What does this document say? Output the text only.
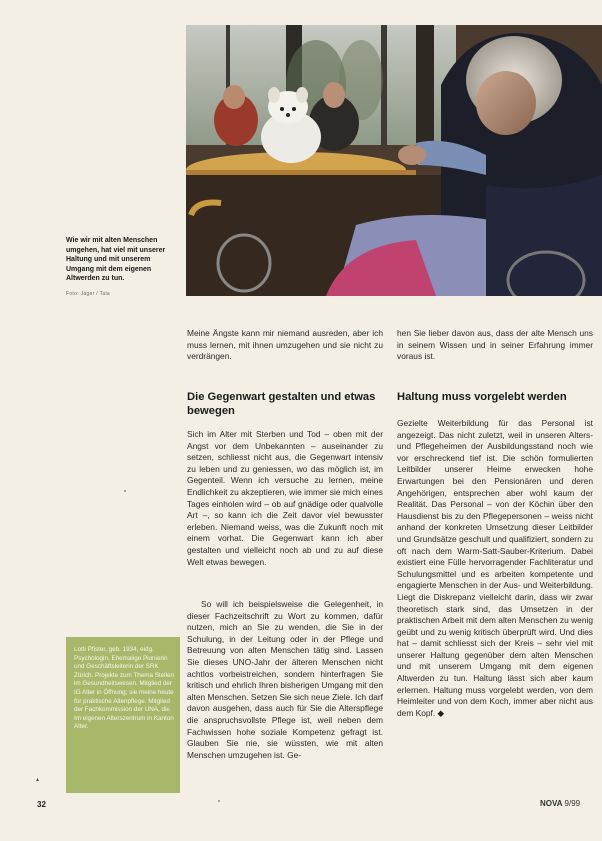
Wie wir mit alten Menschen umgehen, hat viel mit unserer Haltung und mit unserem Umgang mit dem eigenen Altwerden zu tun.

Foto: Jäger / Tala

Meine Ängste kann mir niemand ausreden, aber ich muss lernen, mit ihnen umzugehen und sie nicht zu verdrängen.

hen Sie lieber davon aus, dass der alte Mensch uns in seinem Wissen und in seiner Erfahrung immer voraus ist.

Die Gegenwart gestalten und etwas bewegen

Sich im Alter mit Sterben und Tod – oben mit der Angst vor dem Unbekannten – auseinander zu setzen, schliesst nicht aus, die Gegenwart intensiv zu leben und zu geniessen, wo das möglich ist, im Gegenteil. Wenn ich versuche zu lernen, meine Endlichkeit zu akzeptieren, wie immer sie mich eines Tages einholen wird – ob auf gnädige oder qualvolle Art –, so kann ich die Zeit davor viel bewusster erleben. Niemand weiss, was die Zukunft noch mit einem vorhat. Die Gegenwart kann ich aber gestalten und vielleicht noch ab und zu auf diese Welt etwas bewegen.

So will ich beispielsweise die Gelegenheit, in dieser Fachzeitschrift zu Wort zu kommen, dafür nutzen, mich an Sie zu wenden, die Sie in der Schulung, in der Leitung oder in der Pflege und Betreuung von alten Menschen tätig sind. Lassen Sie dieses UNO-Jahr der älteren Menschen nicht achtlos vorbeistreichen, sondern hinterfragen Sie kritisch und ehrlich Ihren bisherigen Umgang mit den alten Menschen. Setzen Sie sich neue Ziele. Ich darf davon ausgehen, dass auch für Sie die Alterspflege die anspruchsvollste Pflege ist, weil neben dem Fachwissen hohe soziale Kompetenz gefragt ist. Glauben Sie nie, sie wüssten, wie mit alten Menschen umzugehen ist. Ge-

Haltung muss vorgelebt werden

Gezielte Weiterbildung für das Personal ist angezeigt. Das nicht zuletzt, weil in unseren Alters- und Pflegeheimen der Ausbildungsstand noch wie vor erschreckend tief ist. Die schön formulierten Leitbilder unserer Heime erwecken hohe Erwartungen bei den Pensionären und deren Angehörigen, entsprechen aber wohl kaum der Realität. Das Personal – von der Köchin über den Hausdienst bis zu den Pflegepersonen – weiss nicht anhand der konkreten Umsetzung dieser Leitbilder und Grundsätze geschult und qualifiziert, sondern zu oft nach dem Warm-Satt-Sauber-Kriterium. Dabei existiert eine Fülle hervorragender Fachliteratur und Schulungsmittel und es arbeiten kompetente und engagierte Menschen in der Aus- und Weiterbildung. Liegt die Diskrepanz vielleicht darin, dass wir zwar theoretisch stark sind, das Umsetzen in der praktischen Arbeit mit dem alten Menschen zu wenig geübt und zu wenig kritisch überprüft wird. Und dies hat – damit schliesst sich der Kreis – sehr viel mit unserer Haltung gegenüber dem alten Menschen und mit unserem Umgang mit dem eigenen Altwerden zu tun. Haltung lässt sich aber kaum erlernen. Haltung muss vorgelebt werden, von dem Heimleiter und von dem Koch, immer aber nicht aus dem Kopf. ◆

Lotti Pfister, geb. 1934, eidg. Psychologin. Ehemalige Pionierin und Geschäftsleiterin der SRK Zürich. Projekte zum Thema Stellen im Gesundheitswesen. Mitglied der IG Alter in Öffnung; sie meine heute für praktische Altenpflege. Mitglied der Fachkommission der UNA, die Im eigenen Alterszentrum in Kanton Alter.

▴
32	NOVA 9/99
